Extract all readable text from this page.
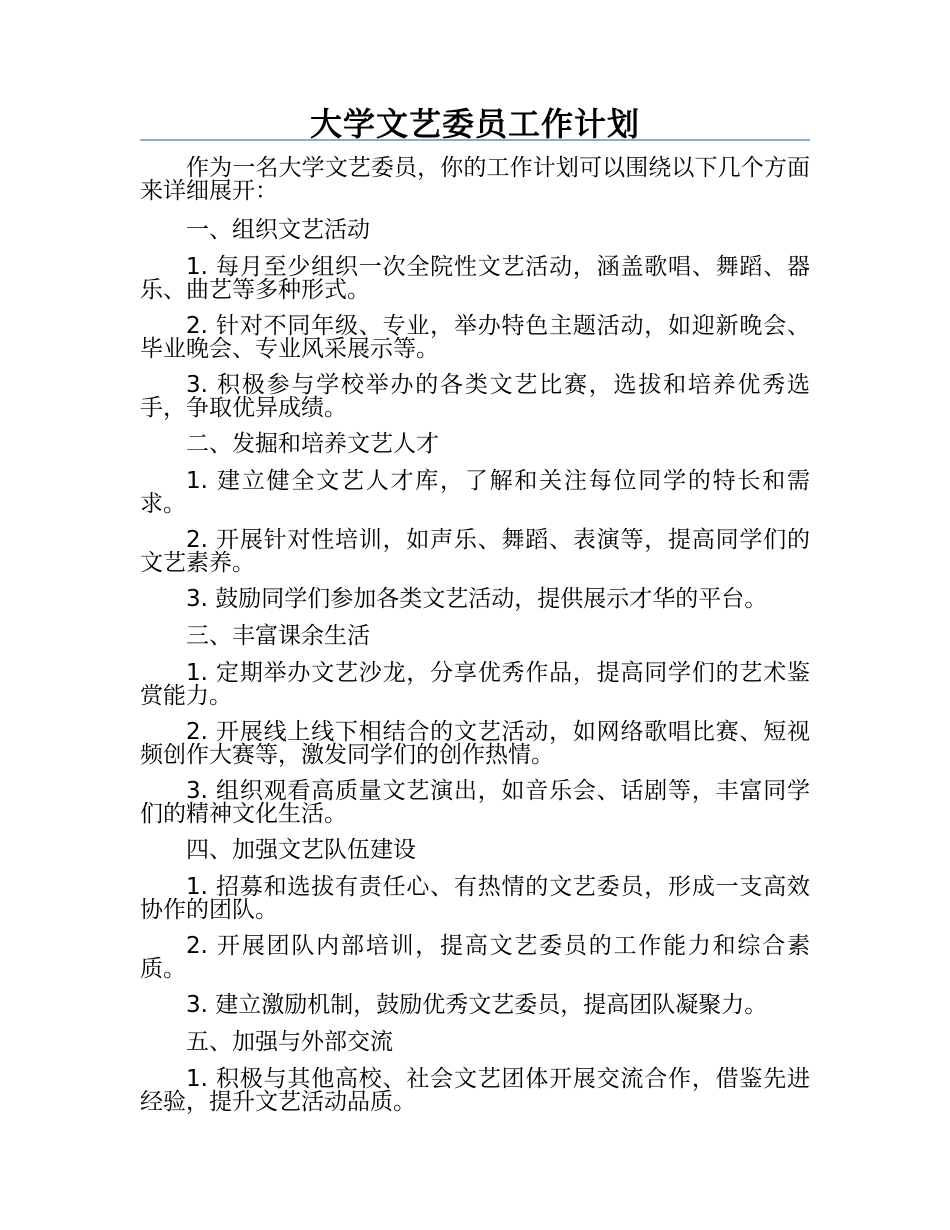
大学文艺委员工作计划

作为一名大学文艺委员，你的工作计划可以围绕以下几个方面来详细展开：

一、组织文艺活动

1. 每月至少组织一次全院性文艺活动，涵盖歌唱、舞蹈、器乐、曲艺等多种形式。

2. 针对不同年级、专业，举办特色主题活动，如迎新晚会、毕业晚会、专业风采展示等。

3. 积极参与学校举办的各类文艺比赛，选拔和培养优秀选手，争取优异成绩。

二、发掘和培养文艺人才

1. 建立健全文艺人才库，了解和关注每位同学的特长和需求。

2. 开展针对性培训，如声乐、舞蹈、表演等，提高同学们的文艺素养。

3. 鼓励同学们参加各类文艺活动，提供展示才华的平台。

三、丰富课余生活

1. 定期举办文艺沙龙，分享优秀作品，提高同学们的艺术鉴赏能力。

2. 开展线上线下相结合的文艺活动，如网络歌唱比赛、短视频创作大赛等，激发同学们的创作热情。

3. 组织观看高质量文艺演出，如音乐会、话剧等，丰富同学们的精神文化生活。

四、加强文艺队伍建设

1. 招募和选拔有责任心、有热情的文艺委员，形成一支高效协作的团队。

2. 开展团队内部培训，提高文艺委员的工作能力和综合素质。

3. 建立激励机制，鼓励优秀文艺委员，提高团队凝聚力。

五、加强与外部交流

1. 积极与其他高校、社会文艺团体开展交流合作，借鉴先进经验，提升文艺活动品质。
